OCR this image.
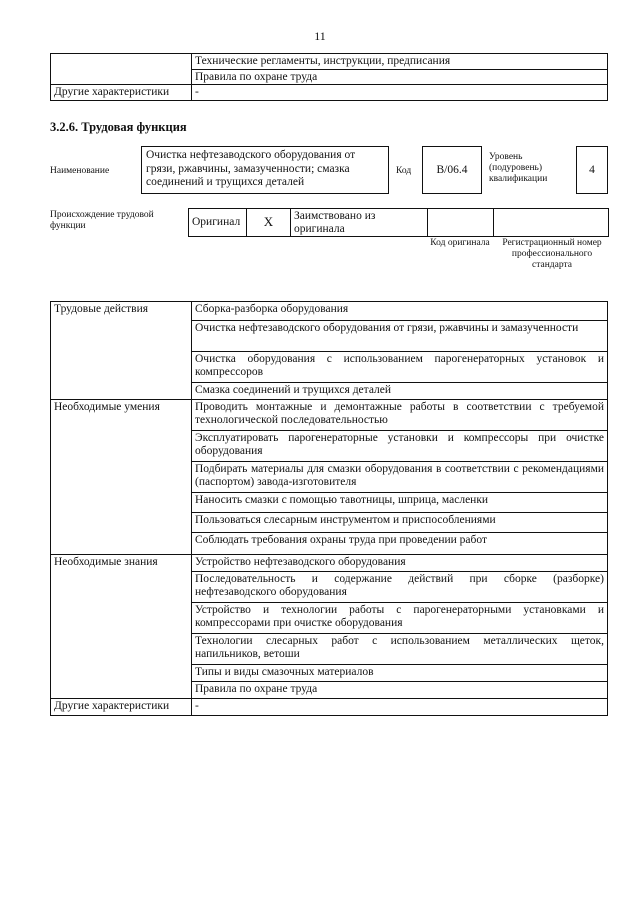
11
	Технические регламенты, инструкции, предписания
	Правила по охране труда
Другие характеристики	-
3.2.6. Трудовая функция
Наименование
Очистка нефтезаводского оборудования от грязи, ржавчины, замазученности; смазка соединений и трущихся деталей
Код	В/06.4
Уровень (подуровень) квалификации
4
Происхождение трудовой функции	Оригинал	X	Заимствовано из оригинала		
Код оригинала	Регистрационный номер профессионального стандарта
Трудовые действия	Сборка-разборка оборудования
	Очистка нефтезаводского оборудования от грязи, ржавчины и замазученности
	Очистка оборудования с использованием парогенераторных установок и компрессоров
	Смазка соединений и трущихся деталей
Необходимые умения	Проводить монтажные и демонтажные работы в соответствии с требуемой технологической последовательностью
	Эксплуатировать парогенераторные установки и компрессоры при очистке оборудования
	Подбирать материалы для смазки оборудования в соответствии с рекомендациями (паспортом) завода-изготовителя
	Наносить смазки с помощью тавотницы, шприца, масленки
	Пользоваться слесарным инструментом и приспособлениями
	Соблюдать требования охраны труда при проведении работ
Необходимые знания	Устройство нефтезаводского оборудования
	Последовательность и содержание действий при сборке (разборке) нефтезаводского оборудования
	Устройство и технологии работы с парогенераторными установками и компрессорами при очистке оборудования
	Технологии слесарных работ с использованием металлических щеток, напильников, ветоши
	Типы и виды смазочных материалов
	Правила по охране труда
Другие характеристики	-
